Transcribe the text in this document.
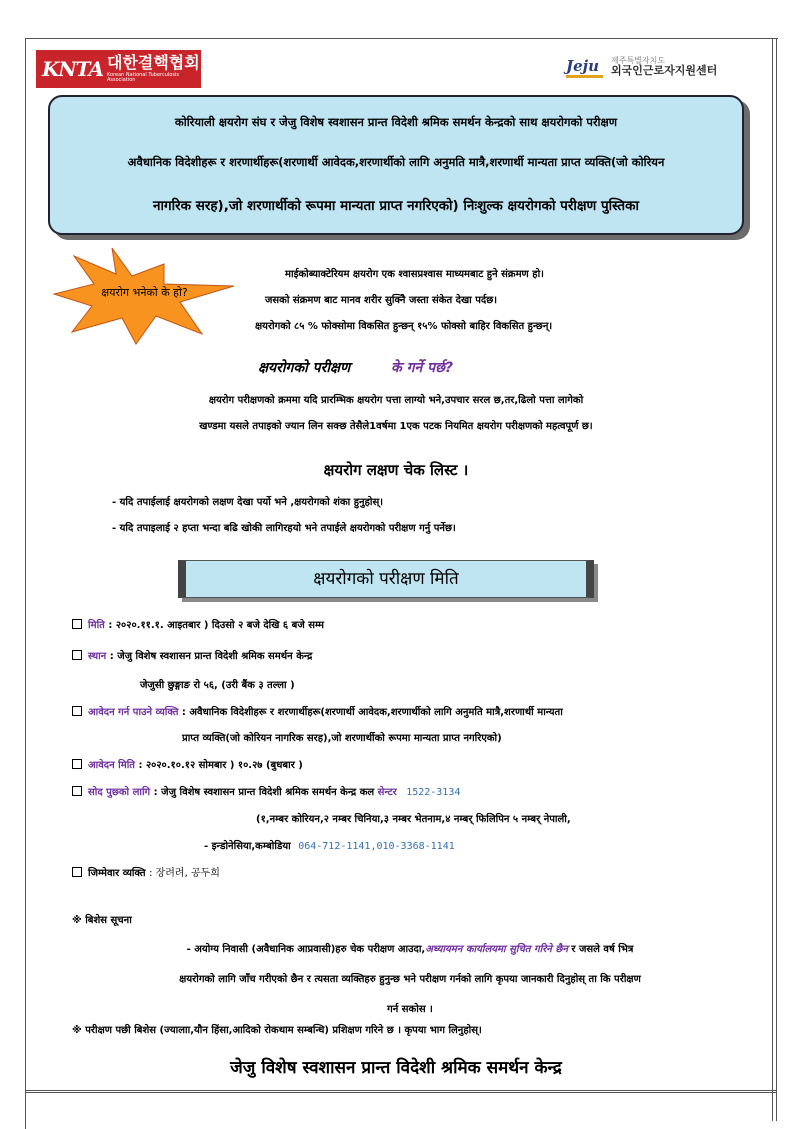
KNTA 대한결핵협회
Korean National Tuberculosis Association
Jeju	제주특별자치도
외국인근로자지원센터
कोरियाली क्षयरोग संघ र जेजु विशेष स्वशासन प्रान्त विदेशी श्रमिक समर्थन केन्द्रको साथ क्षयरोगको परीक्षण
अवैधानिक विदेशीहरू र शरणार्थीहरू(शरणार्थी आवेदक,शरणार्थीको लागि अनुमति मात्रै,शरणार्थी मान्यता प्राप्त व्यक्ति(जो कोरियन
नागरिक सरह),जो शरणार्थीको रूपमा मान्यता प्राप्त नगरिएको) निःशुल्क क्षयरोगको परीक्षण पुस्तिका
क्षयरोग भनेको के हो?
माईकोब्याक्टेरियम क्षयरोग एक श्वासप्रश्वास माध्यमबाट हुने संक्रमण हो।
जसको संक्रमण बाट मानव शरीर सुक्नेि जस्ता संकेत देखा पर्दछ।
क्षयरोगको ८५ % फोक्सोमा विकसित हुन्छन् १५% फोक्सो बाहिर विकसित हुन्छन्।
क्षयरोगको परीक्षण	के गर्ने पर्छ?
क्षयरोग परीक्षणको क्रममा यदि प्रारम्भिक क्षयरोग पत्ता लाग्यो भने,उपचार सरल छ,तर,ढिलो पत्ता लागेको
खण्डमा यसले तपाइको ज्यान लिन सक्छ तेसैले1वर्षमा 1एक पटक नियमित क्षयरोग परीक्षणको महत्वपूर्ण छ।
क्षयरोग लक्षण चेक लिस्ट ।
- यदि तपाईलाई क्षयरोगको लक्षण देखा पर्यो भने ,क्षयरोगको शंका हुनुहोस्।
- यदि तपाइलाई २ हप्ता भन्दा बढि खोकी लागिरहयो भने तपाईले क्षयरोगको परीक्षण गर्नु पर्नेछ।
क्षयरोगको परीक्षण मिति
मिति : २०२०.११.१. आइतबार ) दिउसो २ बजे देखि ६ बजे सम्म
स्थान : जेजु विशेष स्वशासन प्रान्त विदेशी श्रमिक समर्थन केन्द्र
जेजुसी छुङ्गाङ रो ५६, (उरी बैंक ३ तल्ला )
आवेदन गर्न पाउने व्यक्ति : अवैधानिक विदेशीहरू र शरणार्थीहरू(शरणार्थी आवेदक,शरणार्थीको लागि अनुमति मात्रै,शरणार्थी मान्यता
प्राप्त व्यक्ति(जो कोरियन नागरिक सरह),जो शरणार्थीको रूपमा मान्यता प्राप्त नगरिएको)
आवेदन मिति : २०२०.१०.१२ सोमबार ) १०.२७ (बुधबार )
सोद पुछ्को लागि : जेजु विशेष स्वशासन प्रान्त विदेशी श्रमिक समर्थन केन्द्र कल सेन्टर 1522-3134
(१,नम्बर कोरियन,२ नम्बर चिनिया,३ नम्बर भेतनाम,४ नम्बर् फिलिपिन ५ नम्बर् नेपाली,
- इन्डोनेसिया,कम्बोडिया 064-712-1141,010-3368-1141
जिम्मेवार व्यक्ति : 장려려, 공두희
※ बिशेस सूचना
- अयोग्य निवासी (अवैधानिक आप्रवासी)हरु चेक परीक्षण आउदा,अध्यायमन कार्यालयमा सुचित गरिने छैन र जसले वर्ष भित्र
क्षयरोगको लागि जाँच गरीएको छैन र त्यसता व्यक्तिहरु हुनुन्छ भने परीक्षण गर्नको लागि कृपया जानकारी दिनुहोस् ता कि परीक्षण
गर्न सकोस ।
※ परीक्षण पछी बिशेस (ज्यालाा,यौन हिंसा,आदिको रोकथाम सम्बन्धि) प्रशिक्षण गरिने छ । कृपया भाग लिनुहोस्।
जेजु विशेष स्वशासन प्रान्त विदेशी श्रमिक समर्थन केन्द्र
